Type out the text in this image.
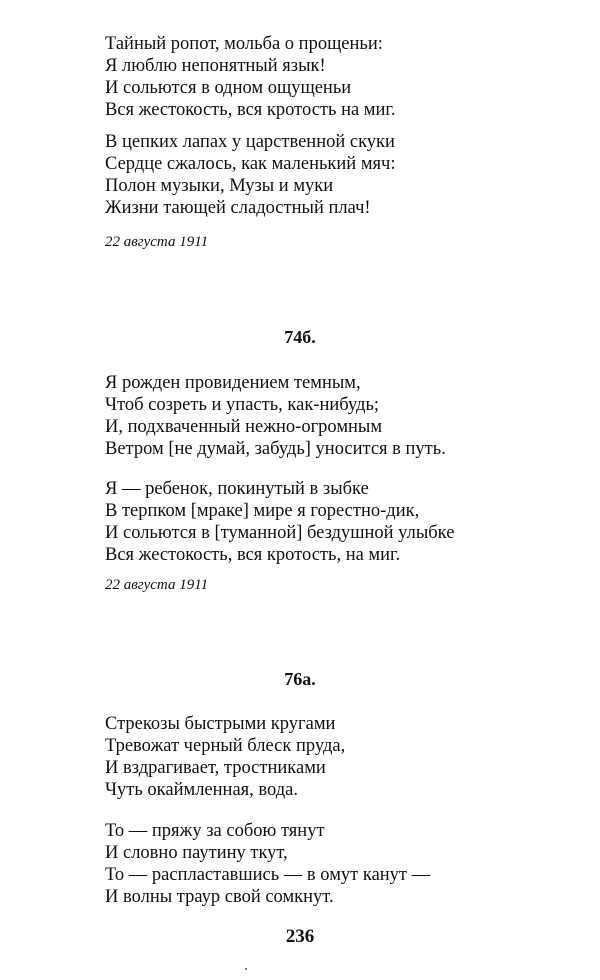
Тайный ропот, мольба о прощеньи:
Я люблю непонятный язык!
И сольются в одном ощущеньи
Вся жестокость, вся кротость на миг.
В цепких лапах у царственной скуки
Сердце сжалось, как маленький мяч:
Полон музыки, Музы и муки
Жизни тающей сладостный плач!
22 августа 1911
74б.
Я рожден провидением темным,
Чтоб созреть и упасть, как-нибудь;
И, подхваченный нежно-огромным
Ветром [не думай, забудь] уносится в путь.
Я — ребенок, покинутый в зыбке
В терпком [мраке] мире я горестно-дик,
И сольются в [туманной] бездушной улыбке
Вся жестокость, вся кротость, на миг.
22 августа 1911
76а.
Стрекозы быстрыми кругами
Тревожат черный блеск пруда,
И вздрагивает, тростниками
Чуть окаймленная, вода.
То — пряжу за собою тянут
И словно паутину ткут,
То — распластавшись — в омут канут —
И волны траур свой сомкнут.
236
